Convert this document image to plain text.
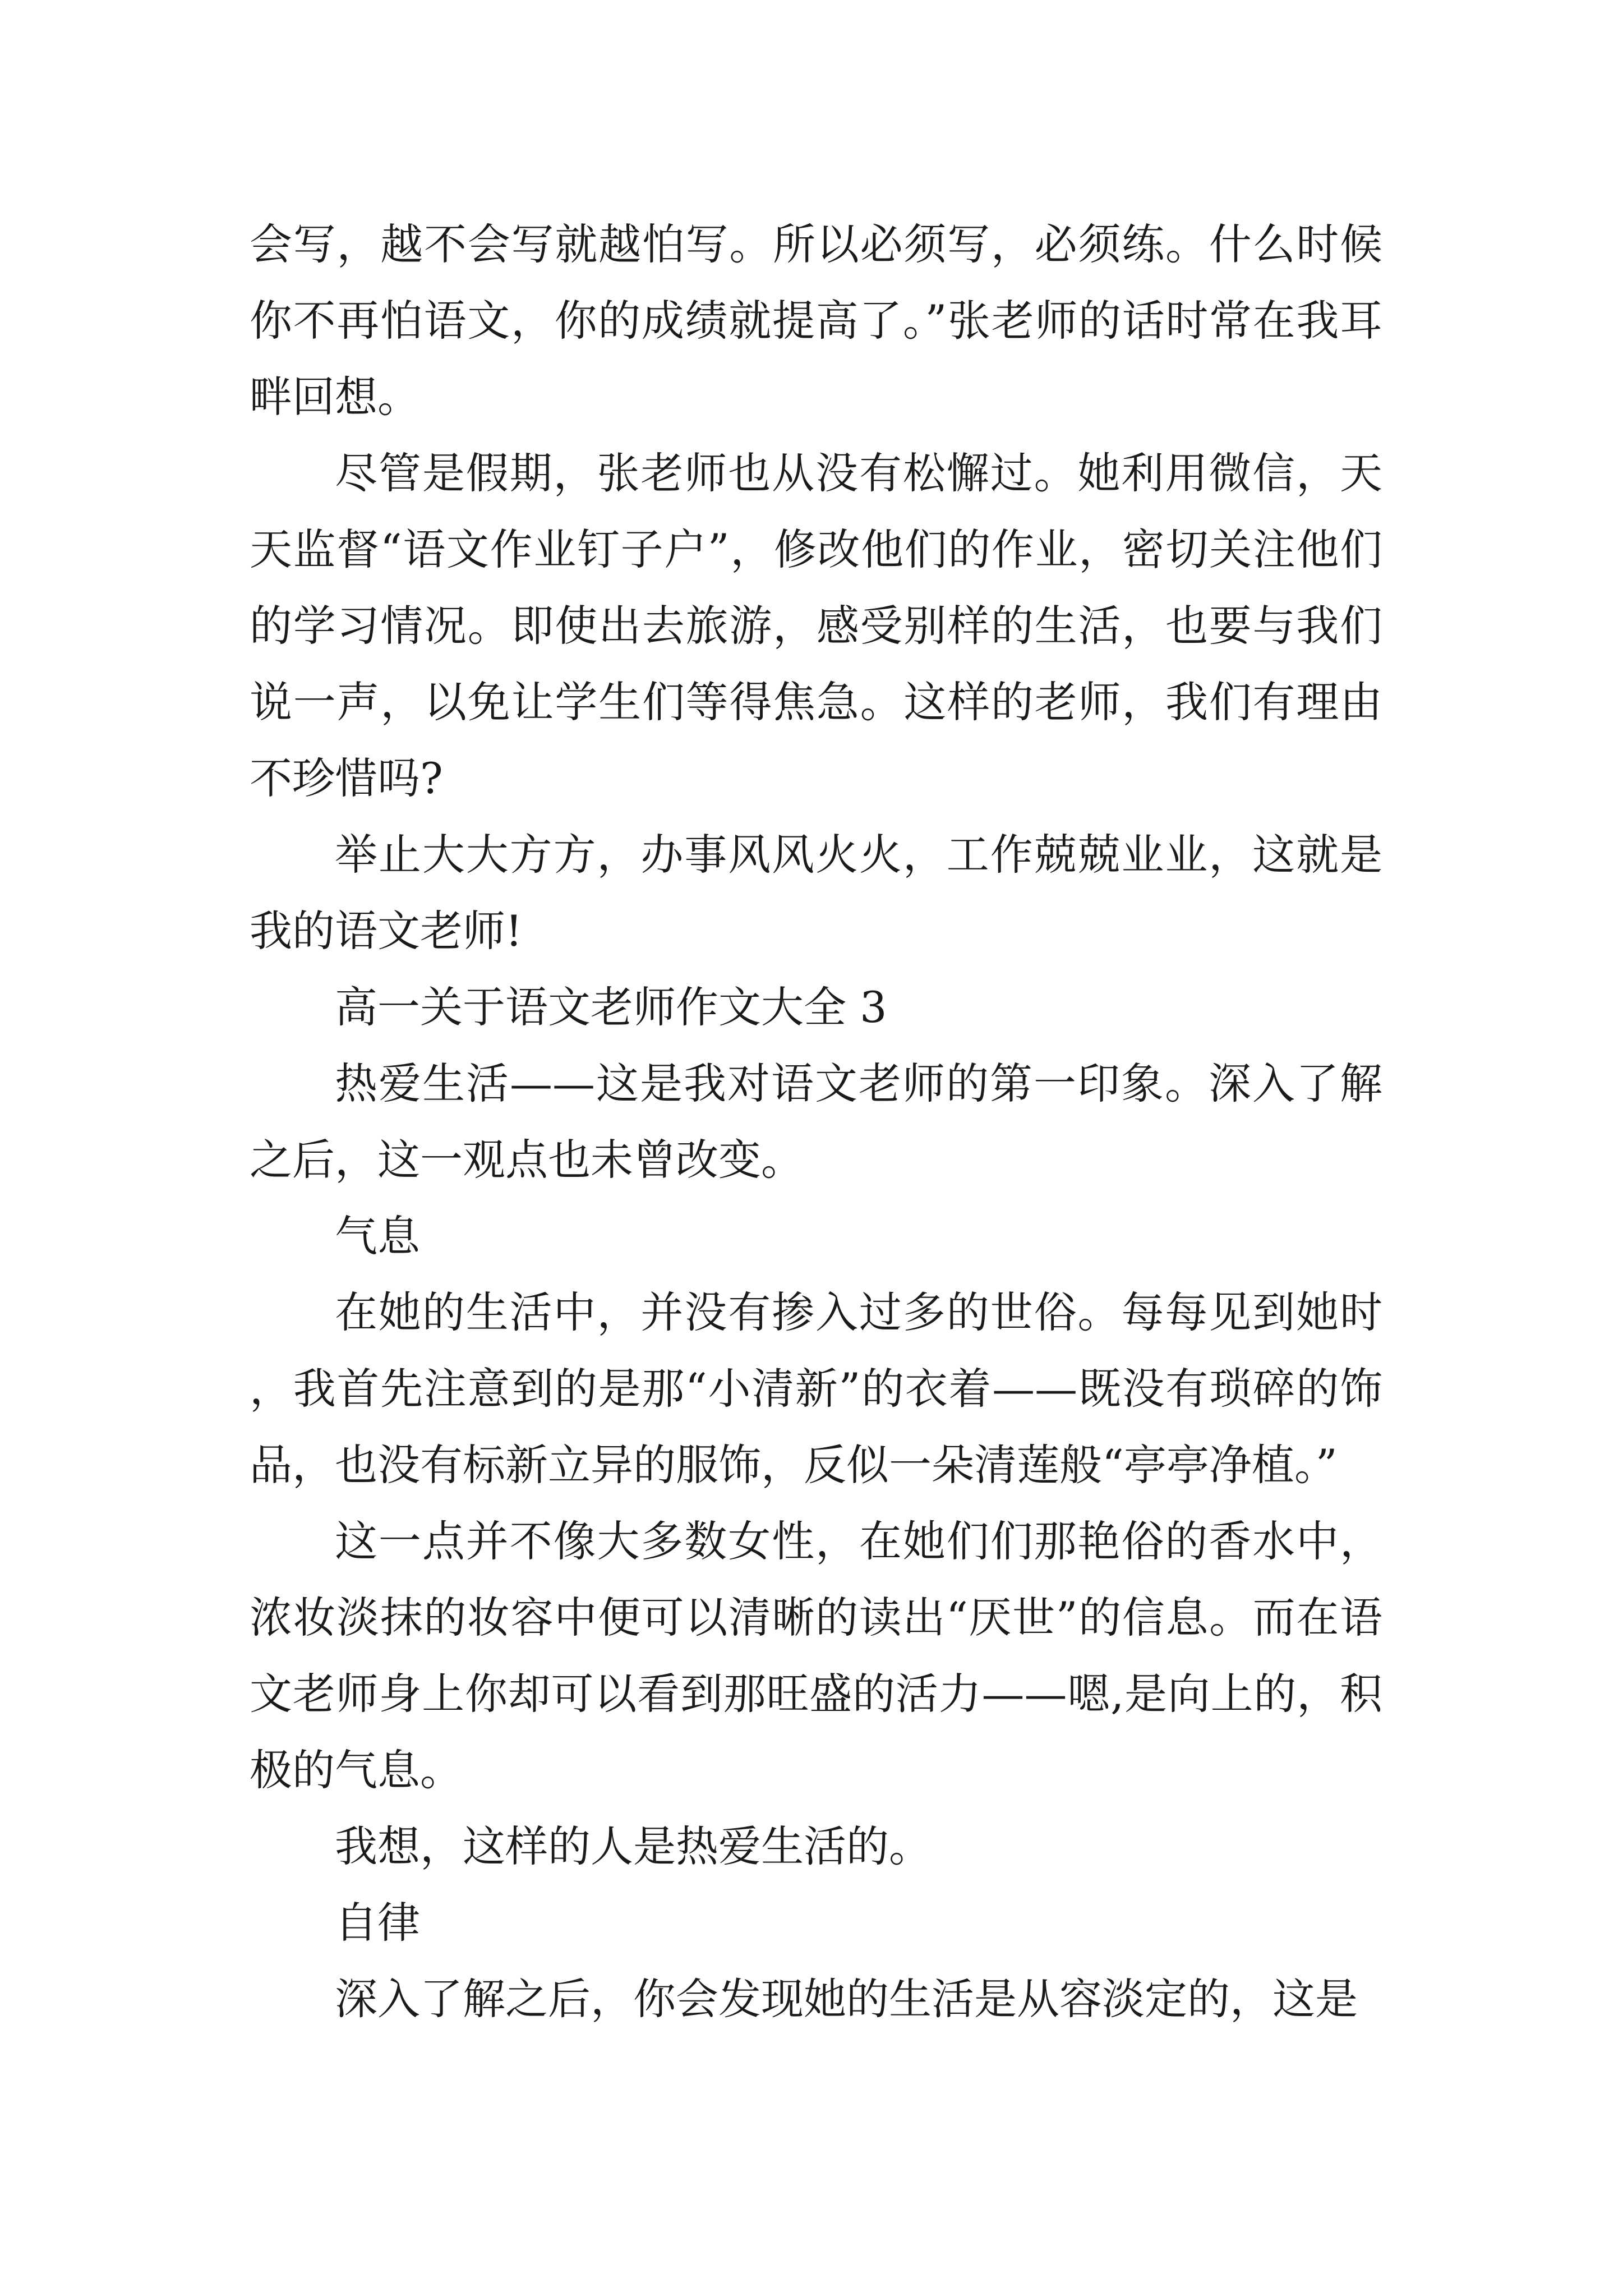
会写，越不会写就越怕写。所以必须写，必须练。什么时候你不再怕语文，你的成绩就提高了。”张老师的话时常在我耳畔回想。

尽管是假期，张老师也从没有松懈过。她利用微信，天天监督“语文作业钉子户”，修改他们的作业，密切关注他们的学习情况。即使出去旅游，感受别样的生活，也要与我们说一声，以免让学生们等得焦急。这样的老师，我们有理由不珍惜吗?

举止大大方方，办事风风火火，工作兢兢业业，这就是我的语文老师!

高一关于语文老师作文大全 3

热爱生活——这是我对语文老师的第一印象。深入了解之后，这一观点也未曾改变。

气息

在她的生活中，并没有掺入过多的世俗。每每见到她时，我首先注意到的是那“小清新”的衣着——既没有琐碎的饰品，也没有标新立异的服饰，反似一朵清莲般“亭亭净植。”

这一点并不像大多数女性，在她们们那艳俗的香水中，浓妆淡抹的妆容中便可以清晰的读出“厌世”的信息。而在语文老师身上你却可以看到那旺盛的活力——嗯,是向上的，积极的气息。

我想，这样的人是热爱生活的。

自律

深入了解之后，你会发现她的生活是从容淡定的，这是
